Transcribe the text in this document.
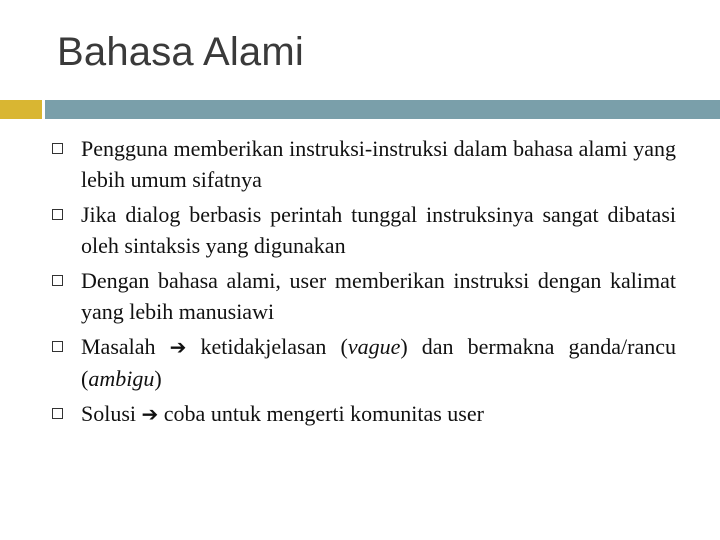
Bahasa Alami
Pengguna memberikan instruksi-instruksi dalam bahasa alami yang lebih umum sifatnya
Jika dialog berbasis perintah tunggal instruksinya sangat dibatasi oleh sintaksis yang digunakan
Dengan bahasa alami, user memberikan instruksi dengan kalimat yang lebih manusiawi
Masalah ➔ ketidakjelasan (vague) dan bermakna ganda/rancu (ambigu)
Solusi ➔ coba untuk mengerti komunitas user
